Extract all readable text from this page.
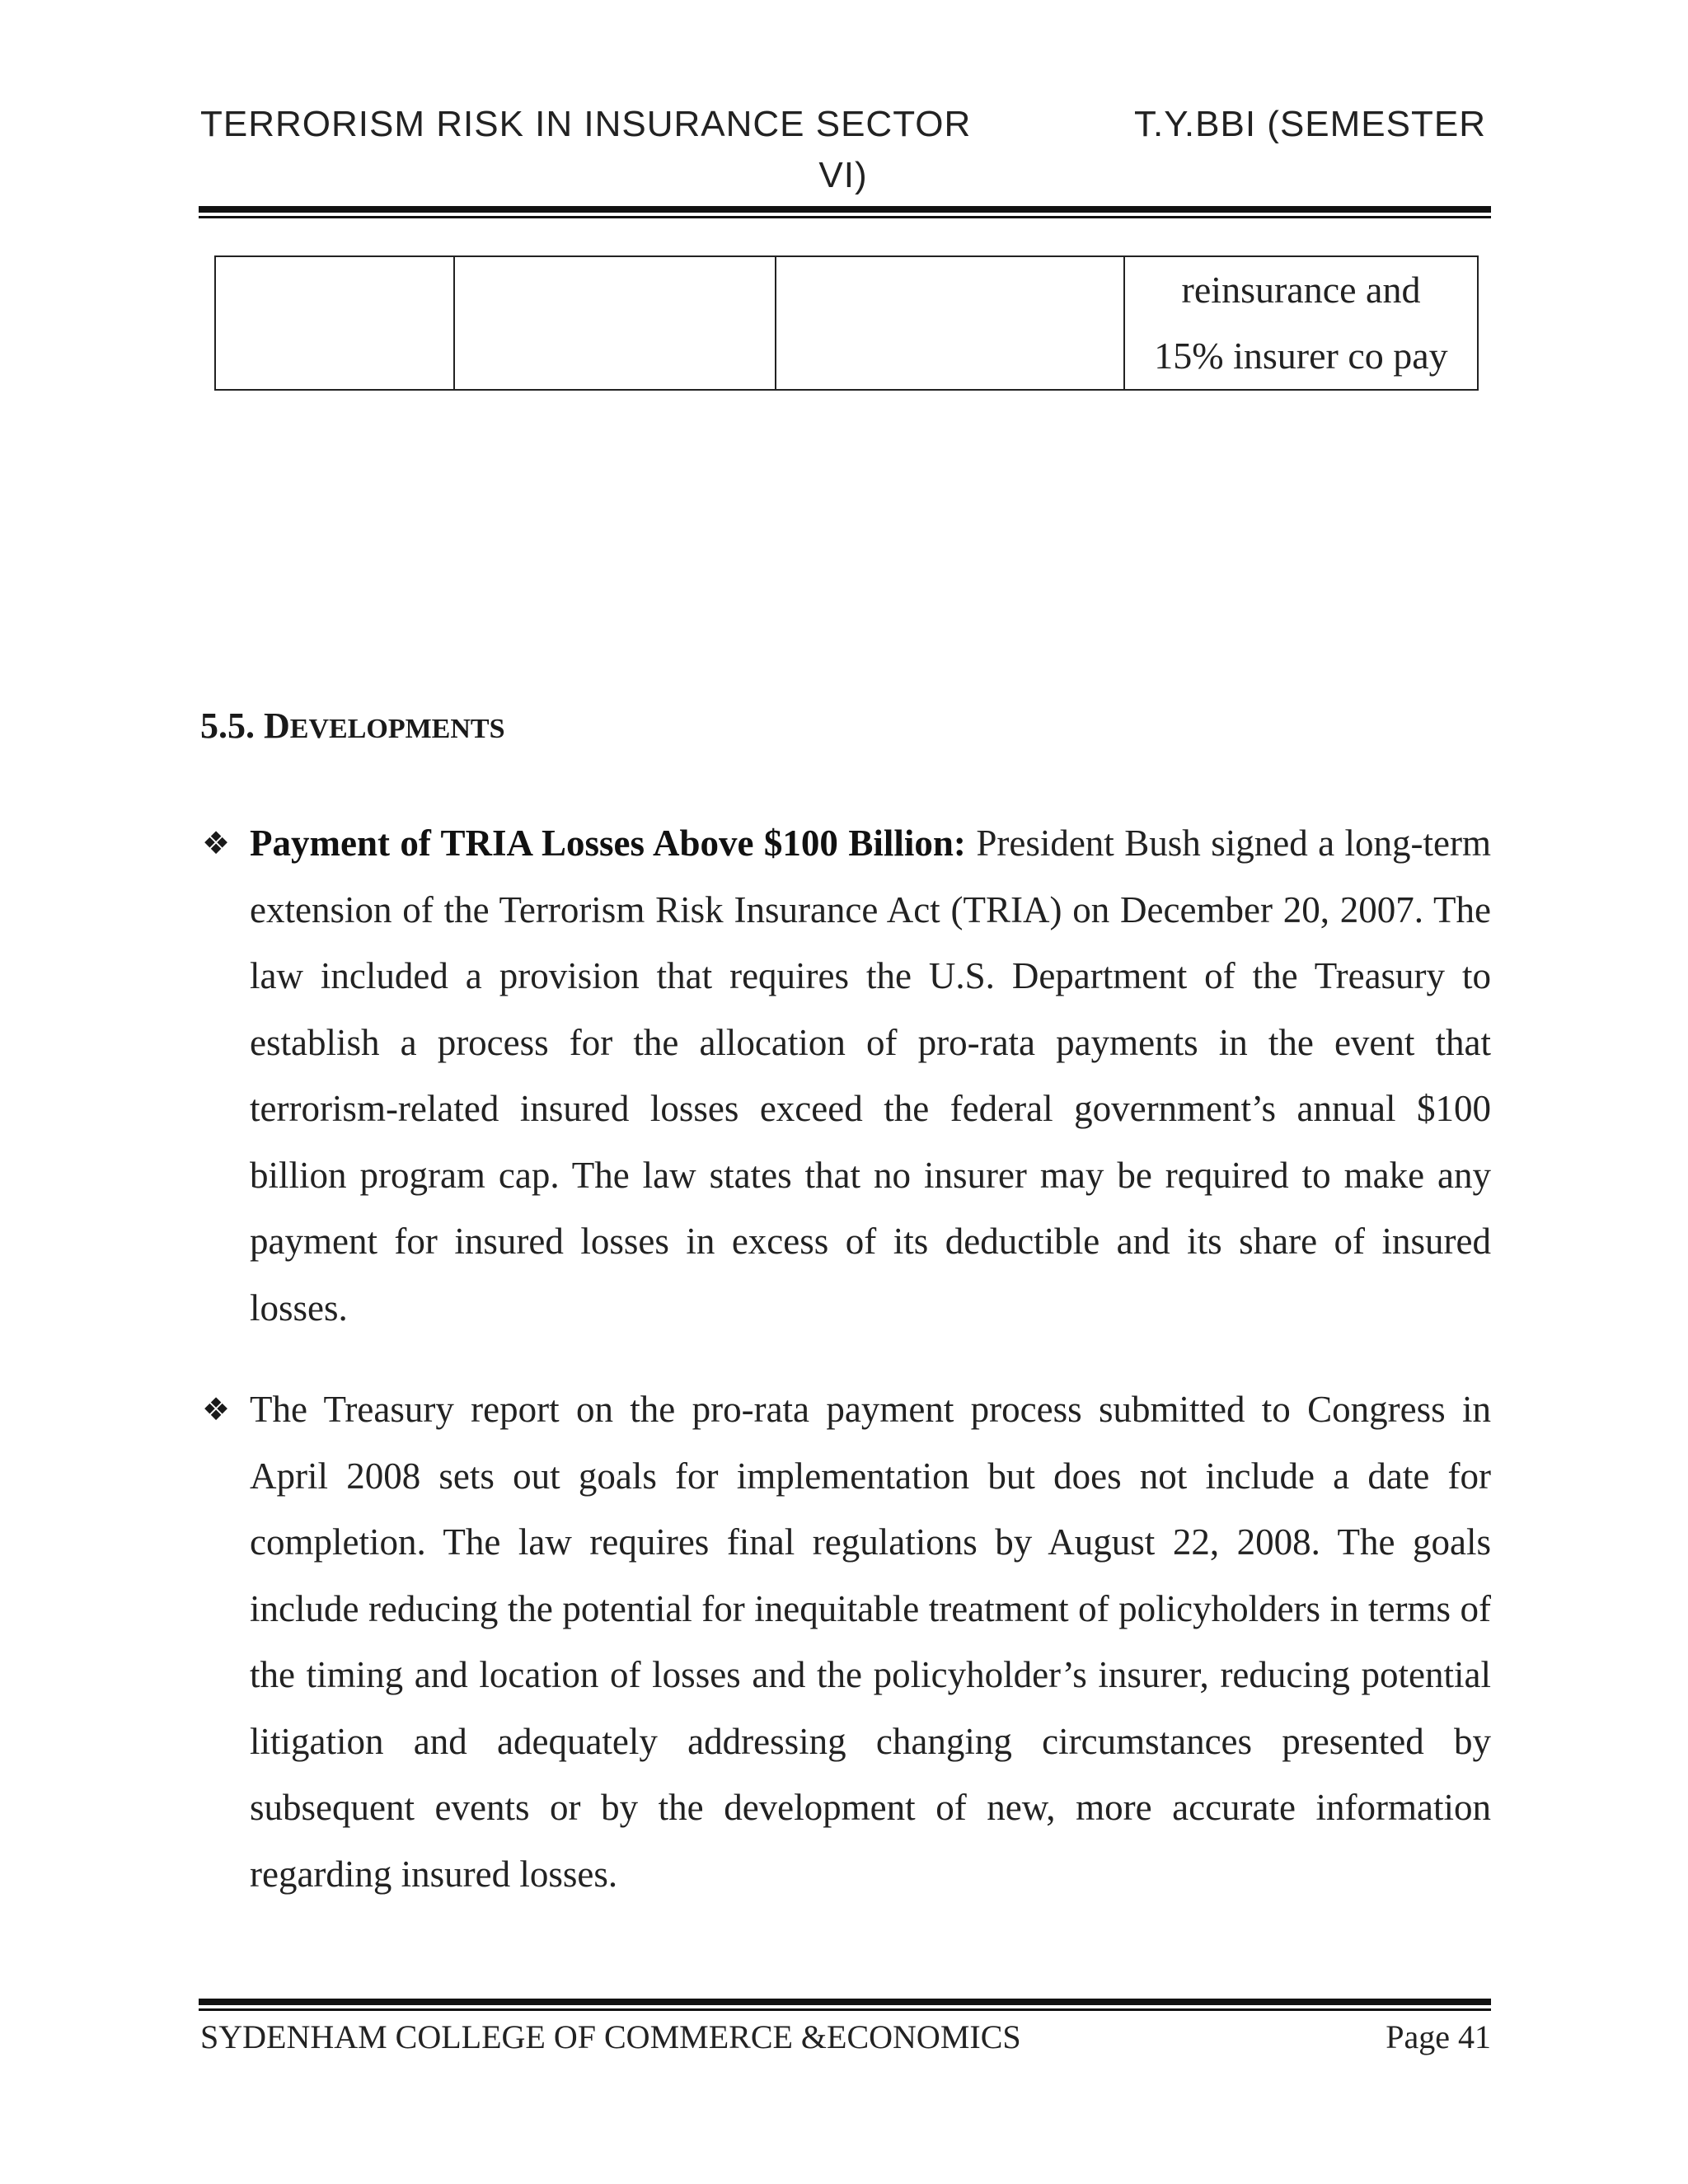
TERRORISM RISK IN INSURANCE SECTOR	T.Y.BBI (SEMESTER
VI)

reinsurance and
15% insurer co pay
5.5. DEVELOPMENTS
❖ Payment of TRIA Losses Above $100 Billion: President Bush signed a long-term extension of the Terrorism Risk Insurance Act (TRIA) on December 20, 2007. The law included a provision that requires the U.S. Department of the Treasury to establish a process for the allocation of pro-rata payments in the event that terrorism-related insured losses exceed the federal government’s annual $100 billion program cap. The law states that no insurer may be required to make any payment for insured losses in excess of its deductible and its share of insured losses.
❖ The Treasury report on the pro-rata payment process submitted to Congress in April 2008 sets out goals for implementation but does not include a date for completion. The law requires final regulations by August 22, 2008. The goals include reducing the potential for inequitable treatment of policyholders in terms of the timing and location of losses and the policyholder’s insurer, reducing potential litigation and adequately addressing changing circumstances presented by subsequent events or by the development of new, more accurate information regarding insured losses.
SYDENHAM COLLEGE OF COMMERCE &ECONOMICS	Page 41
